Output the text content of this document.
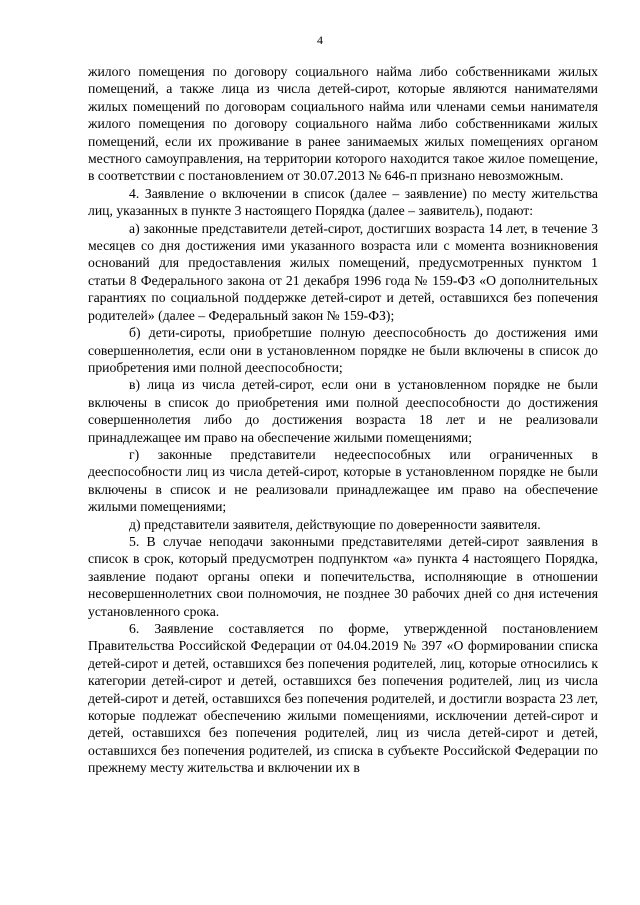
4

жилого помещения по договору социального найма либо собственниками жилых помещений, а также лица из числа детей-сирот, которые являются нанимателями жилых помещений по договорам социального найма или членами семьи нанимателя жилого помещения по договору социального найма либо собственниками жилых помещений, если их проживание в ранее занимаемых жилых помещениях органом местного самоуправления, на территории которого находится такое жилое помещение, в соответствии с постановлением от 30.07.2013 № 646-п признано невозможным.

4. Заявление о включении в список (далее – заявление) по месту жительства лиц, указанных в пункте 3 настоящего Порядка (далее – заявитель), подают:

а) законные представители детей-сирот, достигших возраста 14 лет, в течение 3 месяцев со дня достижения ими указанного возраста или с момента возникновения оснований для предоставления жилых помещений, предусмотренных пунктом 1 статьи 8 Федерального закона от 21 декабря 1996 года № 159-ФЗ «О дополнительных гарантиях по социальной поддержке детей-сирот и детей, оставшихся без попечения родителей» (далее – Федеральный закон № 159-ФЗ);

б) дети-сироты, приобретшие полную дееспособность до достижения ими совершеннолетия, если они в установленном порядке не были включены в список до приобретения ими полной дееспособности;

в) лица из числа детей-сирот, если они в установленном порядке не были включены в список до приобретения ими полной дееспособности до достижения совершеннолетия либо до достижения возраста 18 лет и не реализовали принадлежащее им право на обеспечение жилыми помещениями;

г) законные представители недееспособных или ограниченных в дееспособности лиц из числа детей-сирот, которые в установленном порядке не были включены в список и не реализовали принадлежащее им право на обеспечение жилыми помещениями;

д) представители заявителя, действующие по доверенности заявителя.

5. В случае неподачи законными представителями детей-сирот заявления в список в срок, который предусмотрен подпунктом «а» пункта 4 настоящего Порядка, заявление подают органы опеки и попечительства, исполняющие в отношении несовершеннолетних свои полномочия, не позднее 30 рабочих дней со дня истечения установленного срока.

6. Заявление составляется по форме, утвержденной постановлением Правительства Российской Федерации от 04.04.2019 № 397 «О формировании списка детей-сирот и детей, оставшихся без попечения родителей, лиц, которые относились к категории детей-сирот и детей, оставшихся без попечения родителей, лиц из числа детей-сирот и детей, оставшихся без попечения родителей, и достигли возраста 23 лет, которые подлежат обеспечению жилыми помещениями, исключении детей-сирот и детей, оставшихся без попечения родителей, лиц из числа детей-сирот и детей, оставшихся без попечения родителей, из списка в субъекте Российской Федерации по прежнему месту жительства и включении их в
